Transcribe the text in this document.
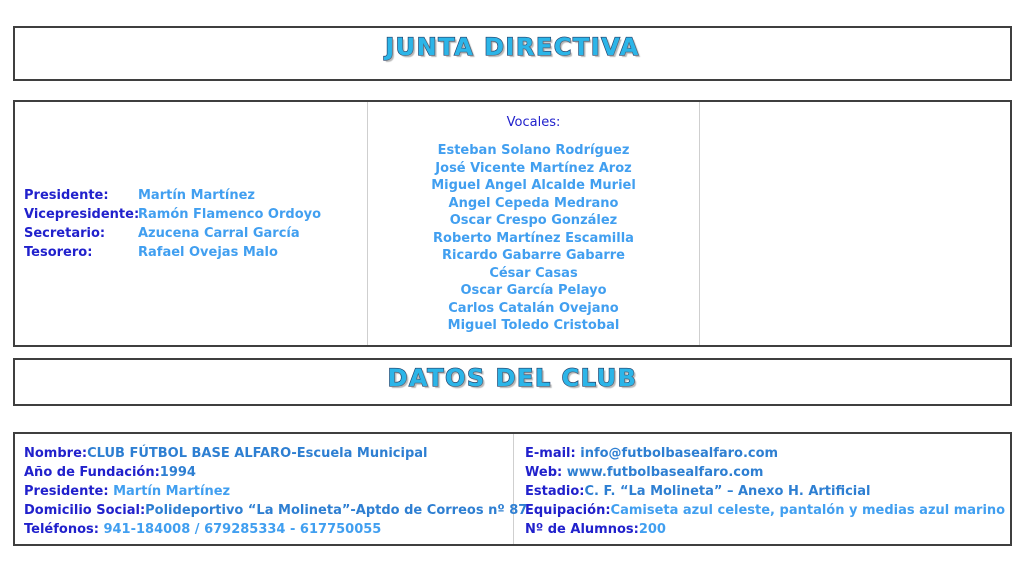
JUNTA DIRECTIVA
Presidente: Martín Martínez
Vicepresidente:Ramón Flamenco Ordoyo
Secretario:	Azucena Carral García
Tesorero:	Rafael Ovejas Malo
Vocales:
Esteban Solano Rodríguez
José Vicente Martínez Aroz
Miguel Angel Alcalde Muriel
Angel Cepeda Medrano
Oscar Crespo González
Roberto Martínez Escamilla
Ricardo Gabarre Gabarre
César Casas
Oscar García Pelayo
Carlos Catalán Ovejano
Miguel Toledo Cristobal
DATOS DEL CLUB
Nombre:CLUB FÚTBOL BASE ALFARO-Escuela Municipal
Año de Fundación:1994
Presidente: Martín Martínez
Domicilio Social:Polideportivo “La Molineta”-Aptdo de Correos nº 87
Teléfonos: 941-184008 / 679285334 - 617750055
E-mail: info@futbolbasealfaro.com
Web: www.futbolbasealfaro.com
Estadio:C. F. “La Molineta” – Anexo H. Artificial
Equipación:Camiseta azul celeste, pantalón y medias azul marino
Nº de Alumnos:200
